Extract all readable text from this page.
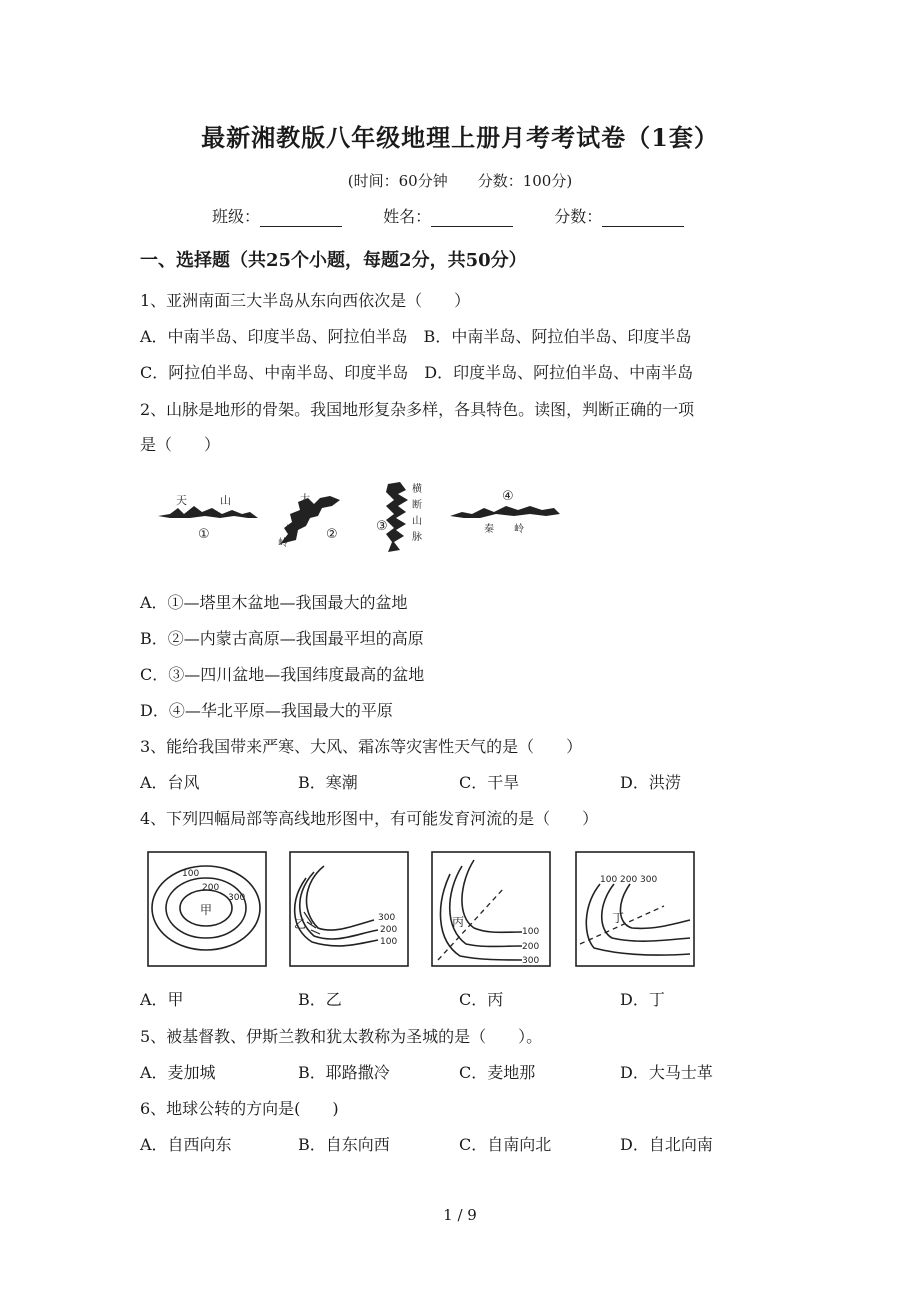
最新湘教版八年级地理上册月考考试卷（1套）
(时间：60分钟　　分数：100分)
班级：	姓名：	分数：
一、选择题（共25个小题，每题2分，共50分）
1、亚洲南面三大半岛从东向西依次是（　　）
A．中南半岛、印度半岛、阿拉伯半岛　B．中南半岛、阿拉伯半岛、印度半岛
C．阿拉伯半岛、中南半岛、印度半岛　D．印度半岛、阿拉伯半岛、中南半岛
2、山脉是地形的骨架。我国地形复杂多样，各具特色。读图，判断正确的一项
是（　　）
天	山
①
大
兴
安
岭
②
横
断
山
脉
③
④
秦 岭
A．①—塔里木盆地—我国最大的盆地
B．②—内蒙古高原—我国最平坦的高原
C．③—四川盆地—我国纬度最高的盆地
D．④—华北平原—我国最大的平原
3、能给我国带来严寒、大风、霜冻等灾害性天气的是（　　）
A．台风	B．寒潮	C．干旱	D．洪涝
4、下列四幅局部等高线地形图中，有可能发育河流的是（　　）
100
200
300
甲
乙	300
200
100
丙
100
200
300
100 200 300
丁
A．甲	B．乙	C．丙	D．丁
5、被基督教、伊斯兰教和犹太教称为圣城的是（　　）。
A．麦加城	B．耶路撒冷	C．麦地那	D．大马士革
6、地球公转的方向是(　　)
A．自西向东	B．自东向西	C．自南向北	D．自北向南
1 / 9
